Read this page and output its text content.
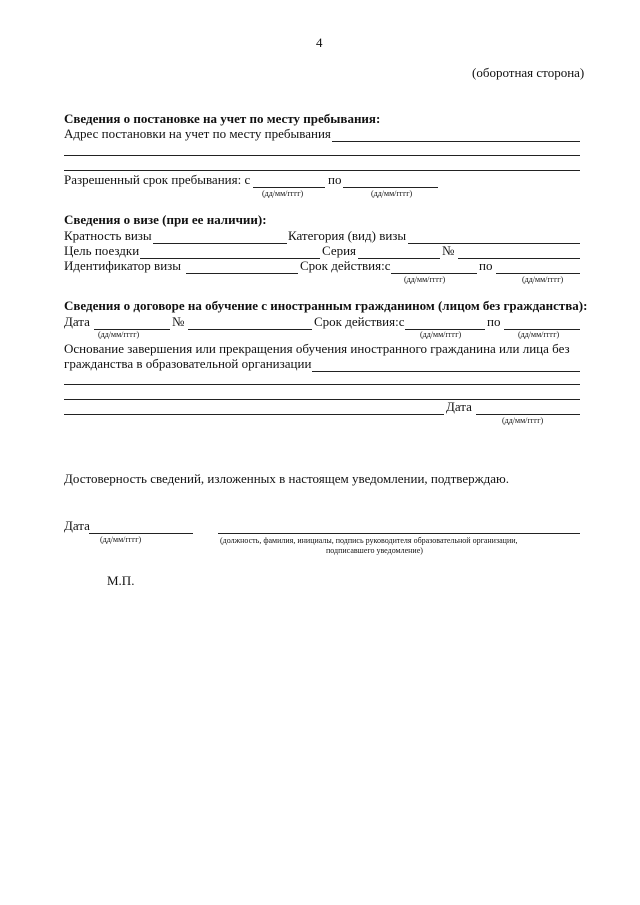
4
(оборотная сторона)
Сведения о постановке на учет по месту пребывания:
Адрес постановки на учет по месту пребывания
Разрешенный срок пребывания: с	по
(дд/мм/гггг)	(дд/мм/гггг)
Сведения о визе (при ее наличии):
Кратность визы	Категория (вид) визы
Цель поездки	Серия	№
Идентификатор визы	Срок действия:с	по
(дд/мм/гггг)	(дд/мм/гггг)
Сведения о договоре на обучение с иностранным гражданином (лицом без гражданства):
Дата	№	Срок действия:с	по
(дд/мм/гггг)	(дд/мм/гггг)	(дд/мм/гггг)
Основание завершения или прекращения обучения иностранного гражданина или лица без
гражданства в образовательной организации
Дата
(дд/мм/гггг)
Достоверность сведений, изложенных в настоящем уведомлении, подтверждаю.
Дата
(дд/мм/гггг)	(должность, фамилия, инициалы, подпись руководителя образовательной организации,
подписавшего уведомление)
М.П.
